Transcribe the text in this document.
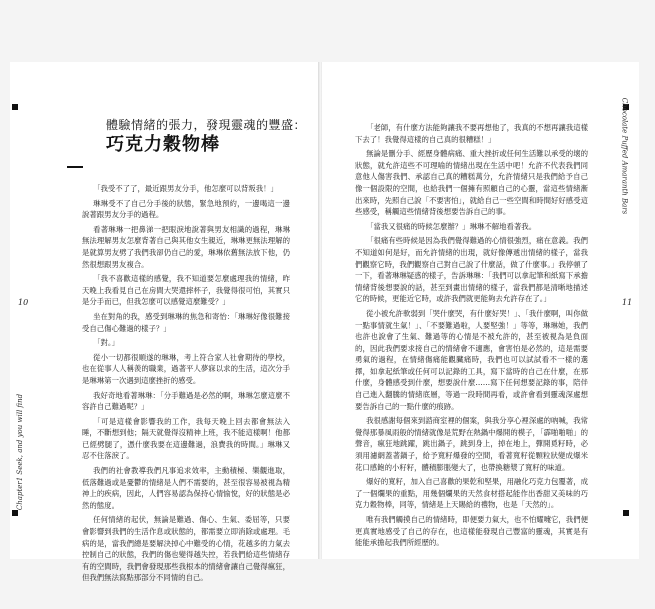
10	11
Chapter1 Seek, and you will find
Chocolate Puffed Amaranth Bars
體驗情緒的張力，發現靈魂的豐盛：
巧克力穀物棒

「我受不了了，最近跟男友分手，他怎麼可以背叛我！」

琳琳受不了自己分手後的狀態，緊急地預約，一邊喝這一邊說著跟男友分手的過程。

看著琳琳一把鼻涕一把眼淚地說著與男友相識的過程，琳琳無法理解男友怎麼背著自己與其他女生親近，琳琳更無法理解的是就算男友劈了我們我卻仍自己的愛，琳琳依舊無法放下他，仍然很想跟男友複合。

「我不喜歡這樣的感覺，我不知道要怎麼處理我的情緒，昨天晚上我看見自己在房間大哭還摔杯子，我覺得很可怕，其實只是分手而已，但我怎麼可以感覺這麼難受？」

坐在對角的我，感受到琳琳的焦急和寄怡：「琳琳好像很難接受自己傷心難過的樣子？」

「對。」

從小一切都很順遂的琳琳，考上符合家人社會期待的學校，也在從事人人稱羨的職業，過著平人夢寐以求的生活，這次分手是琳琳第一次遇到這麼挫折的感受。

我好奇地看著琳琳：「分手難過是必然的啊，琳琳怎麼這麼不容許自己難過呢？」

「可是這樣會影響我的工作，我每天晚上回去都會無法入睡，不斷想到他；隔天就覺得沒精神上班，我不能這樣啊！他都已經劈腿了，憑什麼我要在這邊難過，浪費我的時間。」琳琳又忍不住落淚了。

我們的社會教導我們凡事追求效率，主動積極、樂觀進取，低落難過或是憂鬱的情緒是人們不需要的，甚至很容易被視為精神上的疾病，因此，人們容易認為保持心情愉悅，好的狀態是必然的態度。

任何情緒的起伏，無論是難過、傷心、生氣、委屈等，只要會影響到我們的生活作息或狀態的，都需要立即消除或處理。毛病的是，當我們總是要解決掉心中難受的心情，花越多的力氣去控制自己的狀態，我們的傷也變得越失控，若我們給這些情緒存有的空間時，我們會發現那些我根本的情緒會讓自己覺得瘋狂，但我們無法寫點那部分不同情的自己。

「老師，有什麼方法能夠讓我不要再想他了，我真的不想再讓我這樣下去了！我覺得這樣的自己真的很糟糕！」

無論是刪分手、經歷身體病痛、重大挫折或任何生活難以承受的壞的狀態，就允許這些不可理喻的情緒出現在生活中吧！允許不代表我們同意他人傷害我們、承認自己真的糟糕萬分，允許情緒只是我們給予自己像一個設限的空間，也給我們一個擁有照顧自己的心靈，當這些情緒漸出來時，先照自己說「不要害怕」，就給自己一些空間和時間好好感受這些感受，稱觸這些情緒背後想要告訴自己的事。

「當我又很痛的時候怎麼辦？」琳琳不解地看著我。

「很痛有些時候是因為我們覺得難過的心情很強烈，痛在意義。我們不知道如何是好，而允許情緒的出現，就好像傳遞出情緒的樣子，當我們觀察它時，我們觀察自己對自己說了什麼話，做了什麼事。」我停頓了一下，看著琳琳疑惑的樣子，告訴琳琳：「我們可以拿起筆和紙寫下承擔情緒背後想要說的話，甚至到畫出情緒的樣子，當我們都是清晰地描述它的時候，更能近它時，或許我們就更能夠去允許存在了。」

從小被允許軟弱到「哭什麼哭，有什麼好哭！」、「我什麼啊，叫你做一點事情就生氣！」、「不要難過啦，人要堅強！」等等，琳琳她，我們也許也說會了生氣、難過等的心情是不被允許的，甚至被視為是負面的，因此我們要求接自己的情緒會不適應，會害怕是必然的，這是需要勇氣的過程，在情緒傷痛能觀臟痛時，我們也可以試試看不一樣的選擇，如拿起紙筆或任何可以記錄的工具，寫下當時的自己在什麼，在那什麼，身體感受到什麼，想要說什麼……寫下任何想要記錄的事，陪伴自己進入翻騰的情緒底層，等過一段時間再看，或許會看到靈魂深處想要告訴自己的一點什麼的痕跡。

我很感謝每個來到諮商室裡的個案，與我分享心裡深處的吶喊，我常覺得那暴風雨般的情緒就像是荒野在熱鍋中爆開的模子，「霹啪啪啪」的聲音，瘋狂地跳躍，跳出鍋子，跳到身上，掉在地上，彈開覓籽時，必須用濾網蓋著鍋子，給予寬籽爆發的空間，看著寬籽從顆粒狀變成爆米花口感飽的小籽籽，體積膨脹變大了，也帶換糖漿了寬籽的味道。

爆好的寬籽，加入自己喜歡的果乾和堅果，用融化巧克力包覆著，成了一個爛果的重點，用幾個爛果的天然食材搭起能作出香甜又美味的巧克力穀物棒，同等，情緒是上天賜給的禮物，也是「天然的」。

唯有我們觸摸自己的情緒時，即便要力氣大，也不怕耀嚏它，我們便更真實地感受了自己的存在，也這樣能發現自己豐富的靈魂，其實是有能能承擔起我們所經歷的。
